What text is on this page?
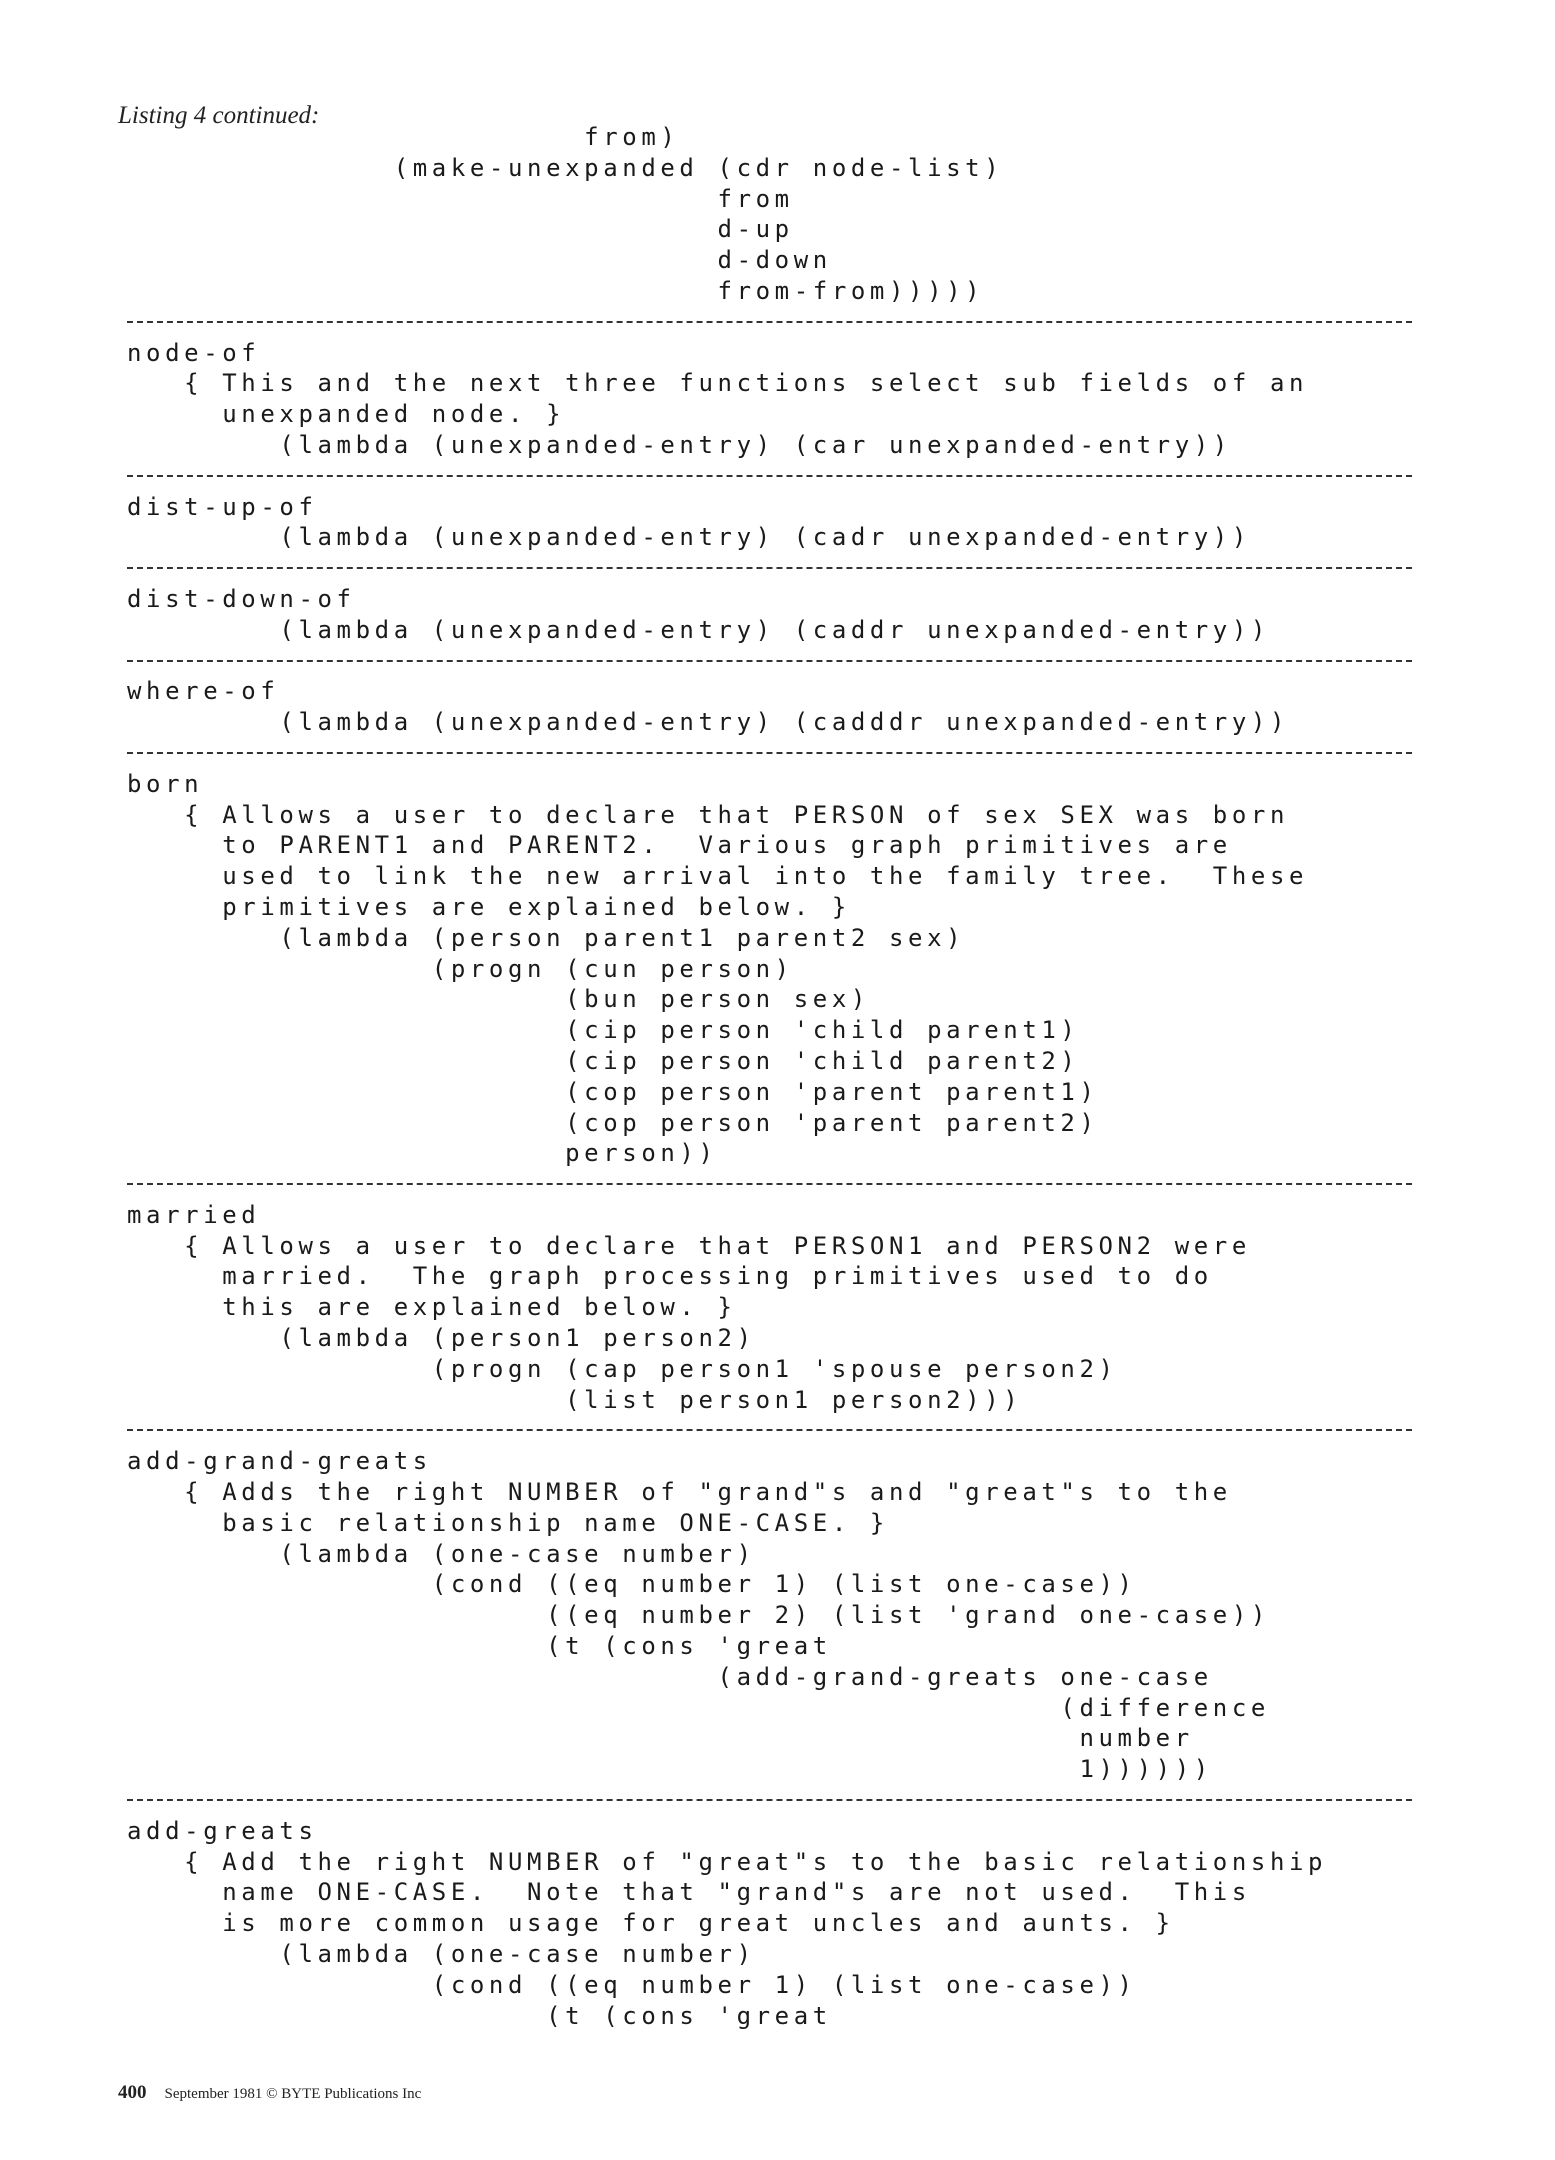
Listing 4 continued:
from)
(make-unexpanded (cdr node-list)
from
d-up
d-down
from-from)))))
node-of
{ This and the next three functions select sub fields of an
unexpanded node. }
(lambda (unexpanded-entry) (car unexpanded-entry))
dist-up-of
(lambda (unexpanded-entry) (cadr unexpanded-entry))
dist-down-of
(lambda (unexpanded-entry) (caddr unexpanded-entry))
where-of
(lambda (unexpanded-entry) (cadddr unexpanded-entry))
born
{ Allows a user to declare that PERSON of sex SEX was born
to PARENT1 and PARENT2.  Various graph primitives are
used to link the new arrival into the family tree.  These
primitives are explained below. }
(lambda (person parent1 parent2 sex)
(progn (cun person)
(bun person sex)
(cip person 'child parent1)
(cip person 'child parent2)
(cop person 'parent parent1)
(cop person 'parent parent2)
person))
married
{ Allows a user to declare that PERSON1 and PERSON2 were
married.  The graph processing primitives used to do
this are explained below. }
(lambda (person1 person2)
(progn (cap person1 'spouse person2)
(list person1 person2)))
add-grand-greats
{ Adds the right NUMBER of "grand"s and "great"s to the
basic relationship name ONE-CASE. }
(lambda (one-case number)
(cond ((eq number 1) (list one-case))
((eq number 2) (list 'grand one-case))
(t (cons 'great
(add-grand-greats one-case
(difference
number
1))))))
add-greats
{ Add the right NUMBER of "great"s to the basic relationship
name ONE-CASE.  Note that "grand"s are not used.  This
is more common usage for great uncles and aunts. }
(lambda (one-case number)
(cond ((eq number 1) (list one-case))
(t (cons 'great
400 September 1981 © BYTE Publications Inc
